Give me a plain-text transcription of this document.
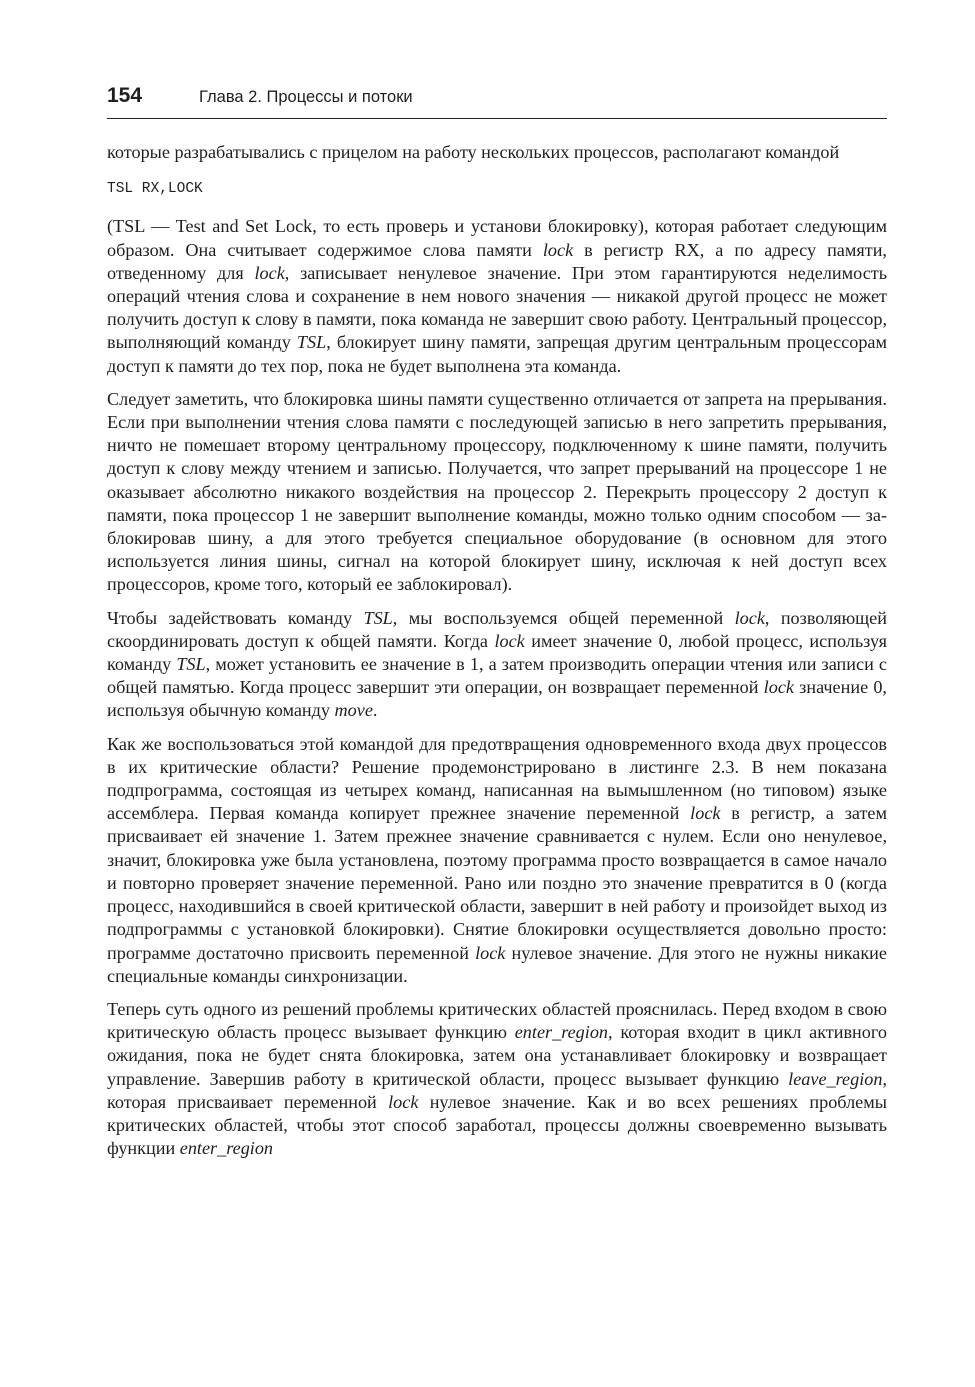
154	Глава 2. Процессы и потоки

которые разрабатывались с прицелом на работу нескольких процессов, располагают командой

TSL RX,LOCK

(TSL — Test and Set Lock, то есть проверь и установи блокировку), которая работает следующим образом. Она считывает содержимое слова памяти lock в регистр RX, а по адресу памяти, отведенному для lock, записывает ненулевое значение. При этом гарантируются неделимость операций чтения слова и сохранение в нем нового значения — никакой другой процесс не может получить доступ к слову в памяти, пока команда не завершит свою работу. Центральный процессор, выполняющий команду TSL, блокирует шину памяти, запрещая другим центральным процессорам доступ к памяти до тех пор, пока не будет выполнена эта команда.

Следует заметить, что блокировка шины памяти существенно отличается от запрета на прерывания. Если при выполнении чтения слова памяти с последующей записью в него запретить прерывания, ничто не помешает второму центральному процессору, подключенному к шине памяти, получить доступ к слову между чтением и записью. Получается, что запрет прерываний на процессоре 1 не оказывает абсолютно никакого воздействия на процессор 2. Перекрыть процессору 2 доступ к памяти, пока процессор 1 не завершит выполнение команды, можно только одним способом — заблокировав шину, а для этого требуется специальное оборудование (в основном для этого используется линия шины, сигнал на которой блокирует шину, исключая к ней доступ всех процессоров, кроме того, который ее заблокировал).

Чтобы задействовать команду TSL, мы воспользуемся общей переменной lock, позволяющей скоординировать доступ к общей памяти. Когда lock имеет значение 0, любой процесс, используя команду TSL, может установить ее значение в 1, а затем производить операции чтения или записи с общей памятью. Когда процесс завершит эти операции, он возвращает переменной lock значение 0, используя обычную команду move.

Как же воспользоваться этой командой для предотвращения одновременного входа двух процессов в их критические области? Решение продемонстрировано в листинге 2.3. В нем показана подпрограмма, состоящая из четырех команд, написанная на вымышленном (но типовом) языке ассемблера. Первая команда копирует прежнее значение переменной lock в регистр, а затем присваивает ей значение 1. Затем прежнее значение сравнивается с нулем. Если оно ненулевое, значит, блокировка уже была установлена, поэтому программа просто возвращается в самое начало и повторно проверяет значение переменной. Рано или поздно это значение превратится в 0 (когда процесс, находившийся в своей критической области, завершит в ней работу и произойдет выход из подпрограммы с установкой блокировки). Снятие блокировки осуществляется довольно просто: программе достаточно присвоить переменной lock нулевое значение. Для этого не нужны никакие специальные команды синхронизации.

Теперь суть одного из решений проблемы критических областей прояснилась. Перед входом в свою критическую область процесс вызывает функцию enter_region, которая входит в цикл активного ожидания, пока не будет снята блокировка, затем она устанавливает блокировку и возвращает управление. Завершив работу в критической области, процесс вызывает функцию leave_region, которая присваивает переменной lock нулевое значение. Как и во всех решениях проблемы критических областей, чтобы этот способ заработал, процессы должны своевременно вызывать функции enter_region
